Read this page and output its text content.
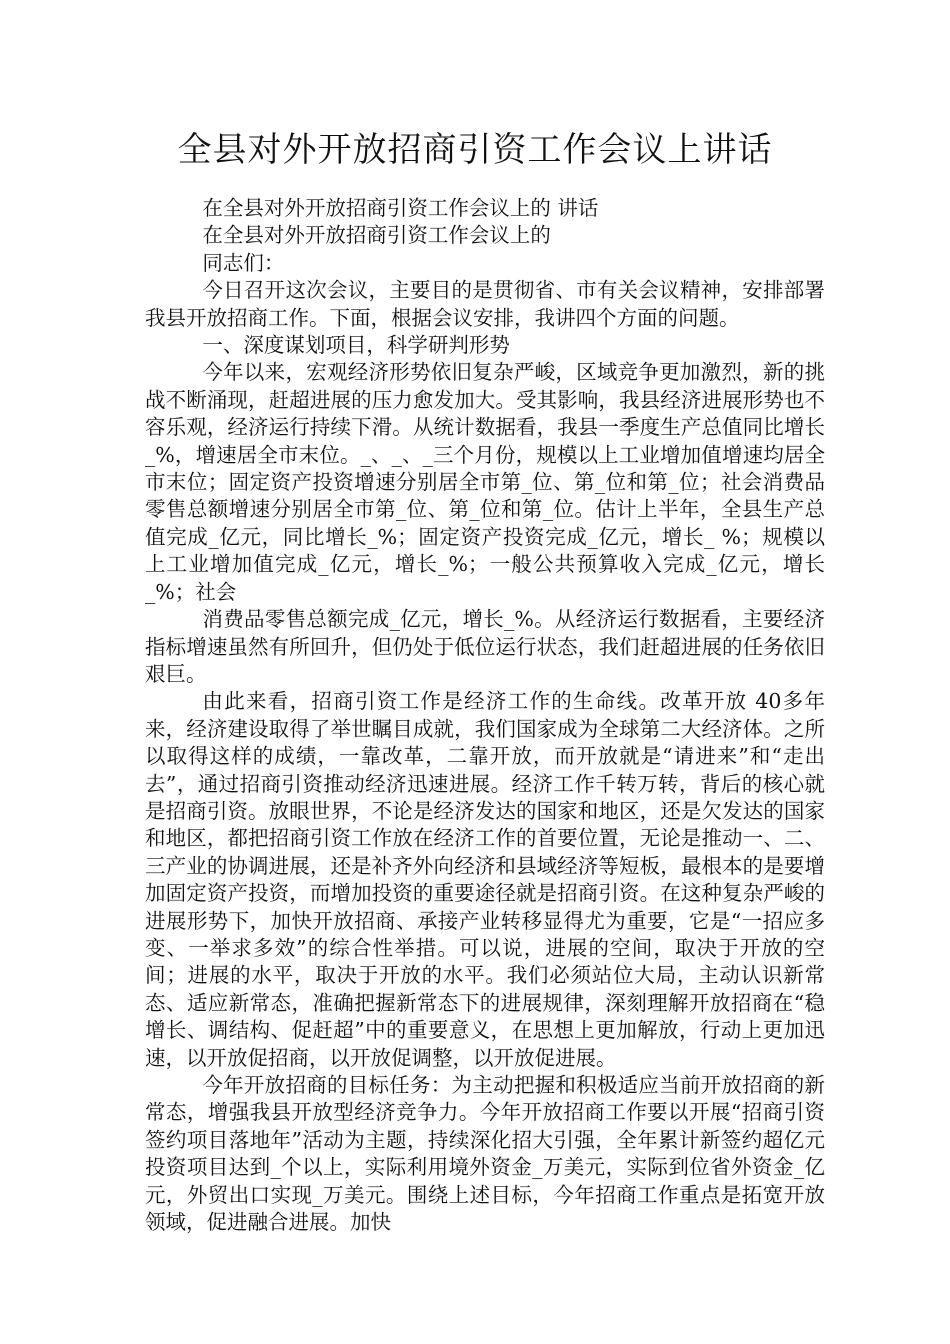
全县对外开放招商引资工作会议上讲话

在全县对外开放招商引资工作会议上的 讲话

在全县对外开放招商引资工作会议上的

同志们：

今日召开这次会议，主要目的是贯彻省、市有关会议精神，安排部署我县开放招商工作。下面，根据会议安排，我讲四个方面的问题。

一、深度谋划项目，科学研判形势

今年以来，宏观经济形势依旧复杂严峻，区域竞争更加激烈，新的挑战不断涌现，赶超进展的压力愈发加大。受其影响，我县经济进展形势也不容乐观，经济运行持续下滑。从统计数据看，我县一季度生产总值同比增长_%，增速居全市末位。_、_、_三个月份，规模以上工业增加值增速均居全市末位；固定资产投资增速分别居全市第_位、第_位和第_位；社会消费品零售总额增速分别居全市第_位、第_位和第_位。估计上半年，全县生产总值完成_亿元，同比增长_%；固定资产投资完成_亿元，增长_ %；规模以上工业增加值完成_亿元，增长_%；一般公共预算收入完成_亿元，增长_%；社会

消费品零售总额完成_亿元，增长_%。从经济运行数据看，主要经济指标增速虽然有所回升，但仍处于低位运行状态，我们赶超进展的任务依旧艰巨。

由此来看，招商引资工作是经济工作的生命线。改革开放 40多年来，经济建设取得了举世瞩目成就，我们国家成为全球第二大经济体。之所以取得这样的成绩，一靠改革，二靠开放，而开放就是“请进来”和“走出去”，通过招商引资推动经济迅速进展。经济工作千转万转，背后的核心就是招商引资。放眼世界，不论是经济发达的国家和地区，还是欠发达的国家和地区，都把招商引资工作放在经济工作的首要位置，无论是推动一、二、三产业的协调进展，还是补齐外向经济和县域经济等短板，最根本的是要增加固定资产投资，而增加投资的重要途径就是招商引资。在这种复杂严峻的进展形势下，加快开放招商、承接产业转移显得尤为重要，它是“一招应多变、一举求多效”的综合性举措。可以说，进展的空间，取决于开放的空间；进展的水平，取决于开放的水平。我们必须站位大局，主动认识新常态、适应新常态，准确把握新常态下的进展规律，深刻理解开放招商在“稳增长、调结构、促赶超”中的重要意义，在思想上更加解放，行动上更加迅速，以开放促招商，以开放促调整，以开放促进展。

今年开放招商的目标任务：为主动把握和积极适应当前开放招商的新常态，增强我县开放型经济竞争力。今年开放招商工作要以开展“招商引资签约项目落地年”活动为主题，持续深化招大引强，全年累计新签约超亿元投资项目达到_个以上，实际利用境外资金_万美元，实际到位省外资金_亿元，外贸出口实现_万美元。围绕上述目标，今年招商工作重点是拓宽开放领域，促进融合进展。加快
